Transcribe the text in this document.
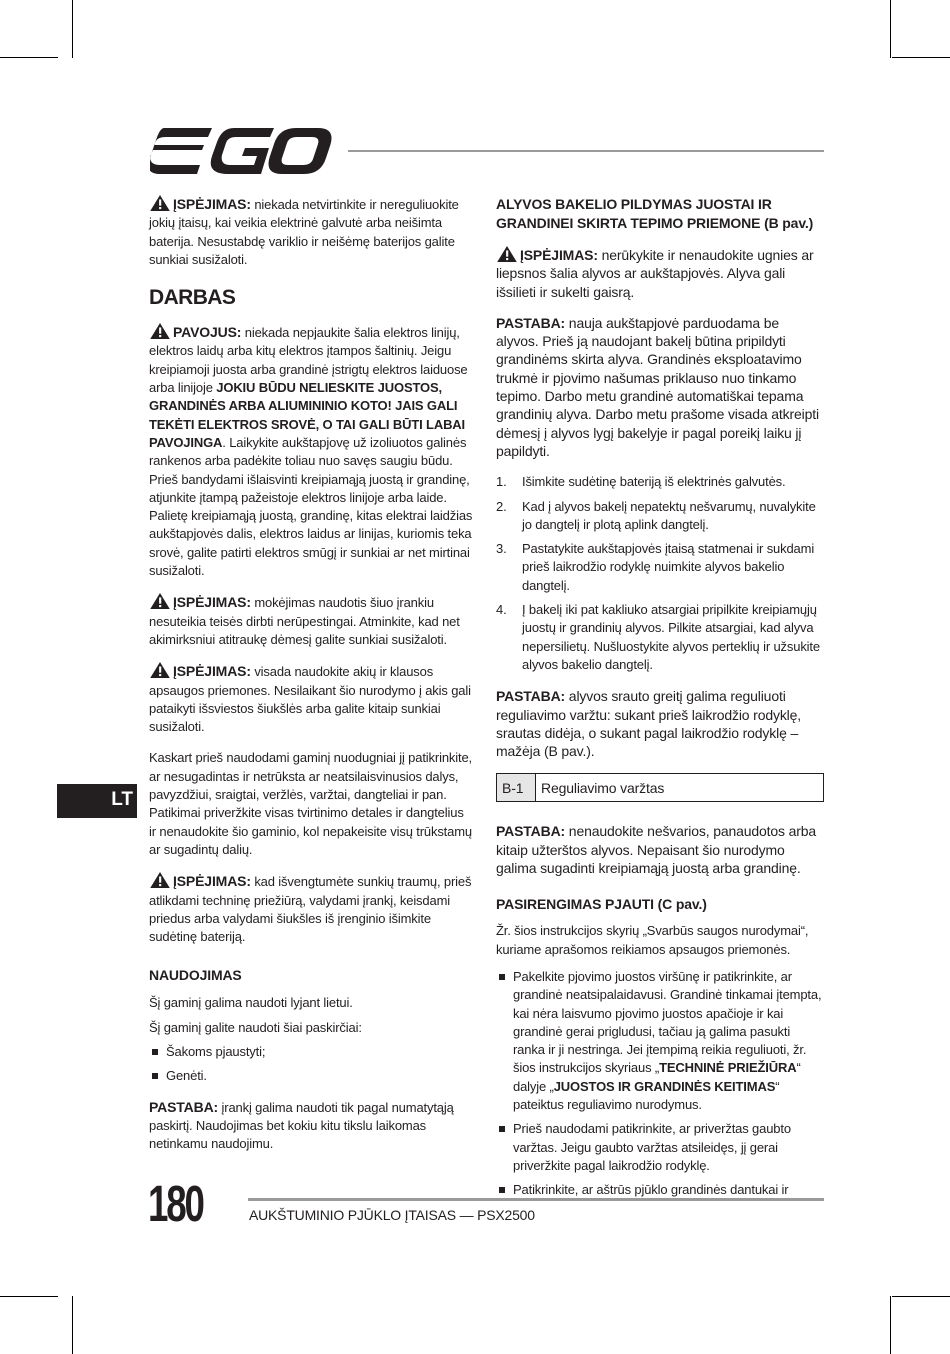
ĮSPĖJIMAS: niekada netvirtinkite ir nereguliuokite jokių įtaisų, kai veikia elektrinė galvutė arba neišimta baterija. Nesustabdę variklio ir neišėmę baterijos galite sunkiai susižaloti.

DARBAS

PAVOJUS: niekada nepjaukite šalia elektros linijų, elektros laidų arba kitų elektros įtampos šaltinių. Jeigu kreipiamoji juosta arba grandinė įstrigtų elektros laiduose arba linijoje JOKIU BŪDU NELIESKITE JUOSTOS, GRANDINĖS ARBA ALIUMININIO KOTO! JAIS GALI TEKĖTI ELEKTROS SROVĖ, O TAI GALI BŪTI LABAI PAVOJINGA. Laikykite aukštapjovę už izoliuotos galinės rankenos arba padėkite toliau nuo savęs saugiu būdu. Prieš bandydami išlaisvinti kreipiamąją juostą ir grandinę, atjunkite įtampą pažeistoje elektros linijoje arba laide. Palietę kreipiamąją juostą, grandinę, kitas elektrai laidžias aukštapjovės dalis, elektros laidus ar linijas, kuriomis teka srovė, galite patirti elektros smūgį ir sunkiai ar net mirtinai susižaloti.

ĮSPĖJIMAS: mokėjimas naudotis šiuo įrankiu nesuteikia teisės dirbti nerūpestingai. Atminkite, kad net akimirksniui atitraukę dėmesį galite sunkiai susižaloti.

ĮSPĖJIMAS: visada naudokite akių ir klausos apsaugos priemones. Nesilaikant šio nurodymo į akis gali pataikyti išsviestos šiukšlės arba galite kitaip sunkiai susižaloti.

Kaskart prieš naudodami gaminį nuodugniai jį patikrinkite, ar nesugadintas ir netrūksta ar neatsilaisvinusios dalys, pavyzdžiui, sraigtai, veržlės, varžtai, dangteliai ir pan. Patikimai priveržkite visas tvirtinimo detales ir dangtelius ir nenaudokite šio gaminio, kol nepakeisite visų trūkstamų ar sugadintų dalių.

ĮSPĖJIMAS: kad išvengtumėte sunkių traumų, prieš atlikdami techninę priežiūrą, valydami įrankį, keisdami priedus arba valydami šiukšles iš įrenginio išimkite sudėtinę bateriją.

NAUDOJIMAS

Šį gaminį galima naudoti lyjant lietui.

Šį gaminį galite naudoti šiai paskirčiai:

Šakoms pjaustyti;
Genėti.

PASTABA: įrankį galima naudoti tik pagal numatytąją paskirtį. Naudojimas bet kokiu kitu tikslu laikomas netinkamu naudojimu.

ALYVOS BAKELIO PILDYMAS JUOSTAI IR GRANDINEI SKIRTA TEPIMO PRIEMONE (B pav.)

ĮSPĖJIMAS: nerūkykite ir nenaudokite ugnies ar liepsnos šalia alyvos ar aukštapjovės. Alyva gali išsilieti ir sukelti gaisrą.

PASTABA: nauja aukštapjovė parduodama be alyvos. Prieš ją naudojant bakelį būtina pripildyti grandinėms skirta alyva. Grandinės eksploatavimo trukmė ir pjovimo našumas priklauso nuo tinkamo tepimo. Darbo metu grandinė automatiškai tepama grandinių alyva. Darbo metu prašome visada atkreipti dėmesį į alyvos lygį bakelyje ir pagal poreikį laiku jį papildyti.

1. Išimkite sudėtinę bateriją iš elektrinės galvutės.
2. Kad į alyvos bakelį nepatektų nešvarumų, nuvalykite jo dangtelį ir plotą aplink dangtelį.
3. Pastatykite aukštapjovės įtaisą statmenai ir sukdami prieš laikrodžio rodyklę nuimkite alyvos bakelio dangtelį.
4. Į bakelį iki pat kakliuko atsargiai pripilkite kreipiamųjų juostų ir grandinių alyvos. Pilkite atsargiai, kad alyva nepersilietų. Nušluostykite alyvos perteklių ir užsukite alyvos bakelio dangtelį.

PASTABA: alyvos srauto greitį galima reguliuoti reguliavimo varžtu: sukant prieš laikrodžio rodyklę, srautas didėja, o sukant pagal laikrodžio rodyklę – mažėja (B pav.).

B-1	Reguliavimo varžtas

PASTABA: nenaudokite nešvarios, panaudotos arba kitaip užterštos alyvos. Nepaisant šio nurodymo galima sugadinti kreipiamąją juostą arba grandinę.

PASIRENGIMAS PJAUTI (C pav.)

Žr. šios instrukcijos skyrių „Svarbūs saugos nurodymai“, kuriame aprašomos reikiamos apsaugos priemonės.

Pakelkite pjovimo juostos viršūnę ir patikrinkite, ar grandinė neatsipalaidavusi. Grandinė tinkamai įtempta, kai nėra laisvumo pjovimo juostos apačioje ir kai grandinė gerai prigludusi, tačiau ją galima pasukti ranka ir ji nestringa. Jei įtempimą reikia reguliuoti, žr. šios instrukcijos skyriaus „TECHNINĖ PRIEŽIŪRA“ dalyje „JUOSTOS IR GRANDINĖS KEITIMAS“ pateiktus reguliavimo nurodymus.
Prieš naudodami patikrinkite, ar priveržtas gaubto varžtas. Jeigu gaubto varžtas atsileidęs, jį gerai priveržkite pagal laikrodžio rodyklę.
Patikrinkite, ar aštrūs pjūklo grandinės dantukai ir
LT
180	AUKŠTUMINIO PJŪKLO ĮTAISAS — PSX2500
